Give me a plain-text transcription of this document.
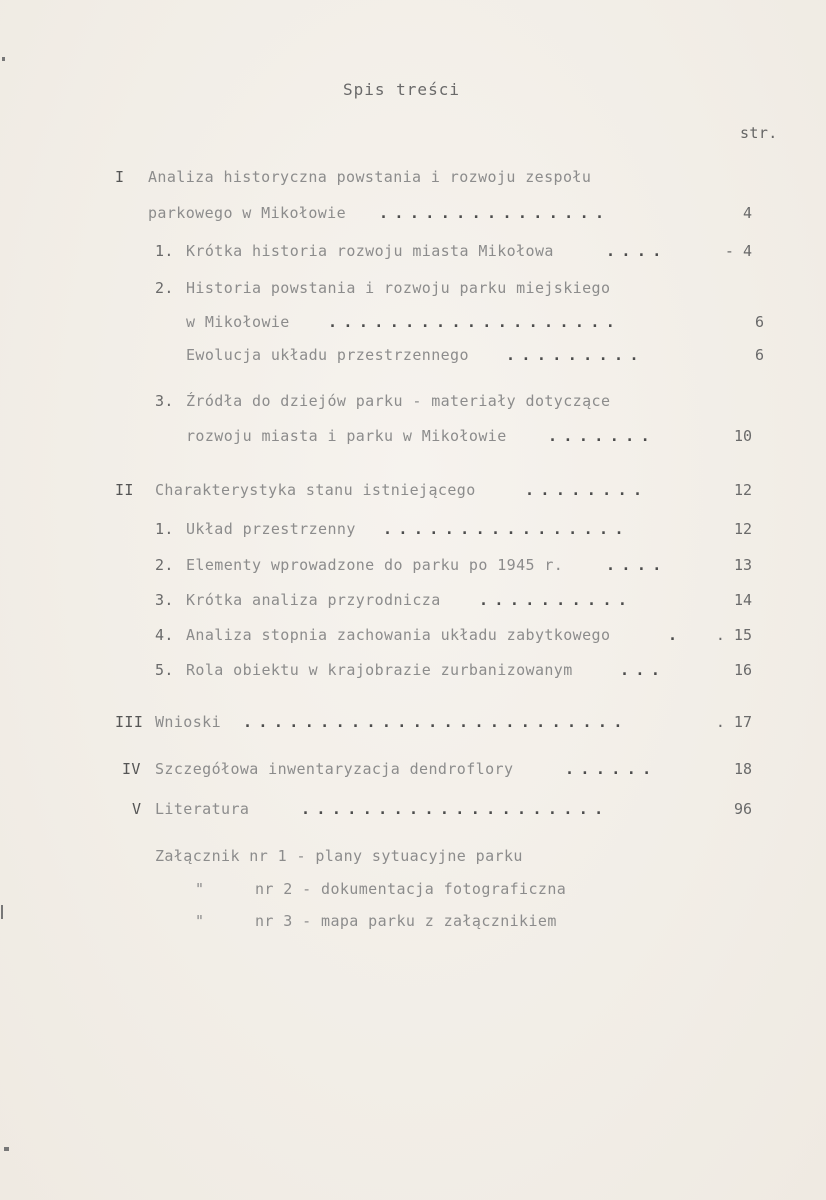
Spis treści
str.
I Analiza historyczna powstania i rozwoju zespołu
parkowego w Mikołowie ...............	4
1. Krótka historia rozwoju miasta Mikołowa	....	- 4
2. Historia powstania i rozwoju parku miejskiego
w Mikołowie	...................	6
Ewolucja układu przestrzennego .........	6
3. Źródła do dziejów parku - materiały dotyczące
rozwoju miasta i parku w Mikołowie	.......	10
II Charakterystyka stanu istniejącego	........	12
1. Układ przestrzenny ................	12
2. Elementy wprowadzone do parku po 1945 r.	....	13
3. Krótka analiza przyrodnicza	..........	14
4. Analiza stopnia zachowania układu zabytkowego	. . 15
5. Rola obiektu w krajobrazie zurbanizowanym	...	16
III Wnioski .........................	. 17
IV Szczegółowa inwentaryzacja dendroflory	......	18
V Literatura	....................	96
Załącznik nr 1 - plany sytuacyjne parku
"	nr 2 - dokumentacja fotograficzna
"	nr 3 - mapa parku z załącznikiem
